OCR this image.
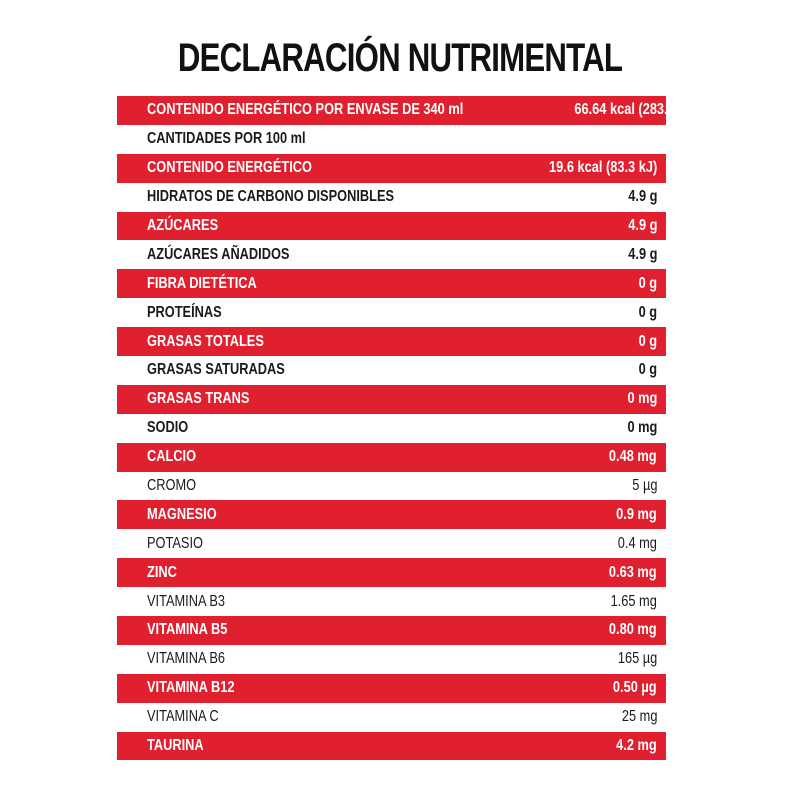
DECLARACIÓN NUTRIMENTAL
CONTENIDO ENERGÉTICO POR ENVASE DE 340 ml	66.64 kcal (283.22 kJ)
CANTIDADES POR 100 ml
CONTENIDO ENERGÉTICO	19.6 kcal (83.3 kJ)
HIDRATOS DE CARBONO DISPONIBLES	4.9 g
AZÚCARES	4.9 g
AZÚCARES AÑADIDOS	4.9 g
FIBRA DIETÉTICA	0 g
PROTEÍNAS	0 g
GRASAS TOTALES	0 g
GRASAS SATURADAS	0 g
GRASAS TRANS	0 mg
SODIO	0 mg
CALCIO	0.48 mg
CROMO	5 µg
MAGNESIO	0.9 mg
POTASIO	0.4 mg
ZINC	0.63 mg
VITAMINA B3	1.65 mg
VITAMINA B5	0.80 mg
VITAMINA B6	165 µg
VITAMINA B12	0.50 µg
VITAMINA C	25 mg
TAURINA	4.2 mg
